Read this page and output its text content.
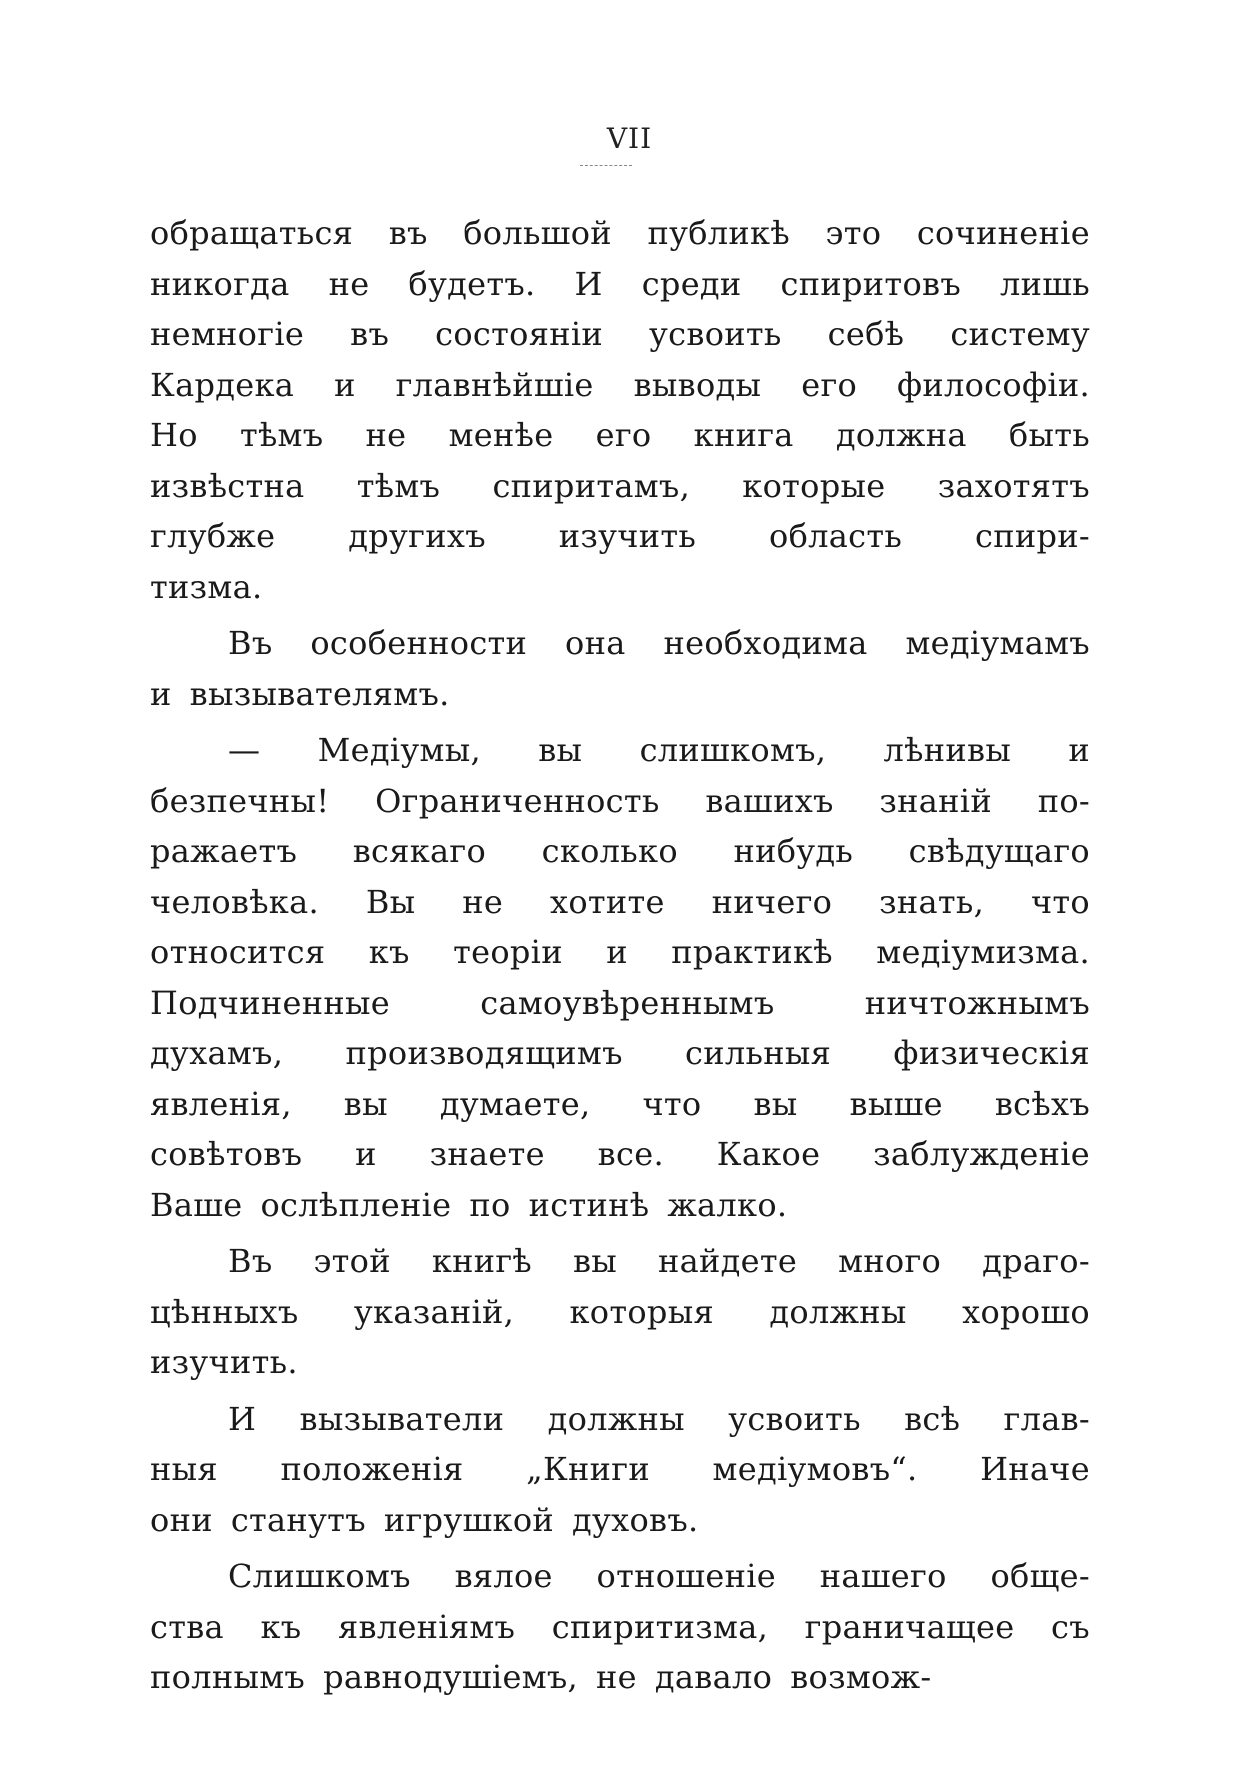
VII
обращаться въ большой публикѣ это сочиненіе
никогда не будетъ. И среди спиритовъ лишь
немногіе въ состояніи усвоить себѣ систему
Кардека и главнѣйшіе выводы его философіи.
Но тѣмъ не менѣе его книга должна быть
извѣстна тѣмъ спиритамъ, которые захотятъ
глубже другихъ изучить область спири-
тизма.
Въ особенности она необходима медіумамъ
и вызывателямъ.
— Медіумы, вы слишкомъ, лѣнивы и
безпечны! Ограниченность вашихъ знаній по-
ражаетъ всякаго сколько нибудь свѣдущаго
человѣка. Вы не хотите ничего знать, что
относится къ теоріи и практикѣ медіумизма.
Подчиненные	самоувѣреннымъ	ничтожнымъ
духамъ, производящимъ сильныя физическія
явленія, вы думаете, что вы выше всѣхъ
совѣтовъ и знаете все. Какое заблужденіе
Ваше ослѣпленіе по истинѣ жалко.
Въ этой книгѣ вы найдете много драго-
цѣнныхъ указаній, которыя должны хорошо
изучить.
И вызыватели должны усвоить всѣ глав-
ныя положенія „Книги медіумовъ“. Иначе
они станутъ игрушкой духовъ.
Слишкомъ вялое отношеніе нашего обще-
ства къ явленіямъ спиритизма, граничащее съ
полнымъ равнодушіемъ, не давало возмож-
